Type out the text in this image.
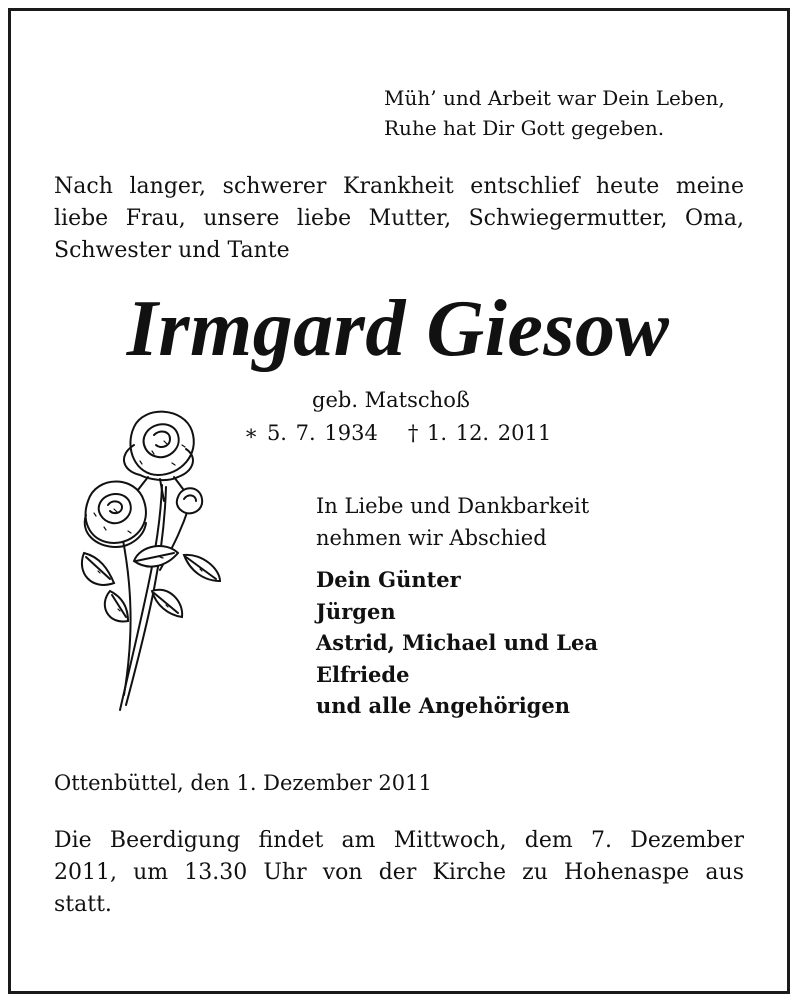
Müh’ und Arbeit war Dein Leben,
Ruhe hat Dir Gott gegeben.
Nach langer, schwerer Krankheit entschlief heute meine
liebe Frau, unsere liebe Mutter, Schwiegermutter, Oma,
Schwester und Tante
Irmgard Giesow
geb. Matschoß
∗ 5. 7. 1934 † 1. 12. 2011
In Liebe und Dankbarkeit
nehmen wir Abschied
Dein Günter
Jürgen
Astrid, Michael und Lea
Elfriede
und alle Angehörigen
Ottenbüttel, den 1. Dezember 2011
Die Beerdigung findet am Mittwoch, dem 7. Dezember
2011, um 13.30 Uhr von der Kirche zu Hohenaspe aus
statt.
